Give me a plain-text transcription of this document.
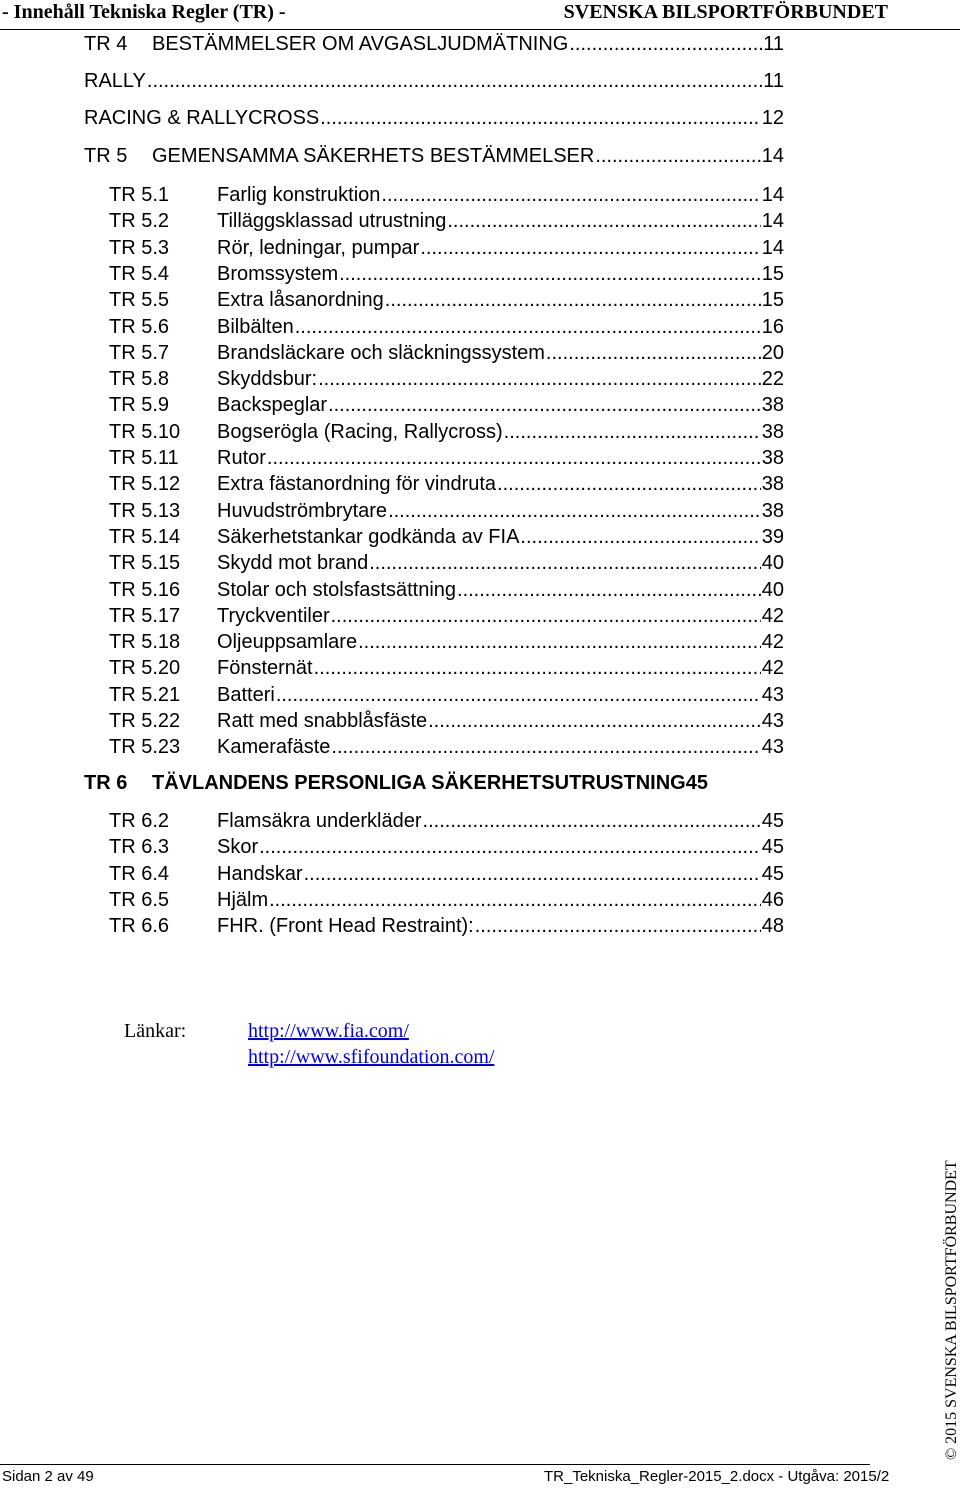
- Innehåll Tekniska Regler (TR) -	SVENSKA BILSPORTFÖRBUNDET
TR 4	BESTÄMMELSER OM AVGASLJUDMÄTNING .....	11
RALLY .....	11
RACING & RALLYCROSS .....	12
TR 5	GEMENSAMMA SÄKERHETS BESTÄMMELSER .....	14
TR 5.1	Farlig konstruktion .....	14
TR 5.2	Tilläggsklassad utrustning .....	14
TR 5.3	Rör, ledningar, pumpar .....	14
TR 5.4	Bromssystem .....	15
TR 5.5	Extra låsanordning .....	15
TR 5.6	Bilbälten .....	16
TR 5.7	Brandsläckare och släckningssystem .....	20
TR 5.8	Skyddsbur: .....	22
TR 5.9	Backspeglar .....	38
TR 5.10	Bogserögla (Racing, Rallycross) .....	38
TR 5.11	Rutor .....	38
TR 5.12	Extra fästanordning för vindruta .....	38
TR 5.13	Huvudströmbrytare .....	38
TR 5.14	Säkerhetstankar godkända av FIA .....	39
TR 5.15	Skydd mot brand .....	40
TR 5.16	Stolar och stolsfastsättning .....	40
TR 5.17	Tryckventiler .....	42
TR 5.18	Oljeuppsamlare .....	42
TR 5.20	Fönsternät .....	42
TR 5.21	Batteri .....	43
TR 5.22	Ratt med snabblåsfäste .....	43
TR 5.23	Kamerafäste .....	43
TR 6	TÄVLANDENS PERSONLIGA SÄKERHETSUTRUSTNING 45
TR 6.2	Flamsäkra underkläder .....	45
TR 6.3	Skor .....	45
TR 6.4	Handskar .....	45
TR 6.5	Hjälm .....	46
TR 6.6	FHR. (Front Head Restraint): .....	48
Länkar:	http://www.fia.com/
http://www.sfifoundation.com/
© 2015 SVENSKA BILSPORTFÖRBUNDET
Sidan 2 av 49	TR_Tekniska_Regler-2015_2.docx - Utgåva: 2015/2
